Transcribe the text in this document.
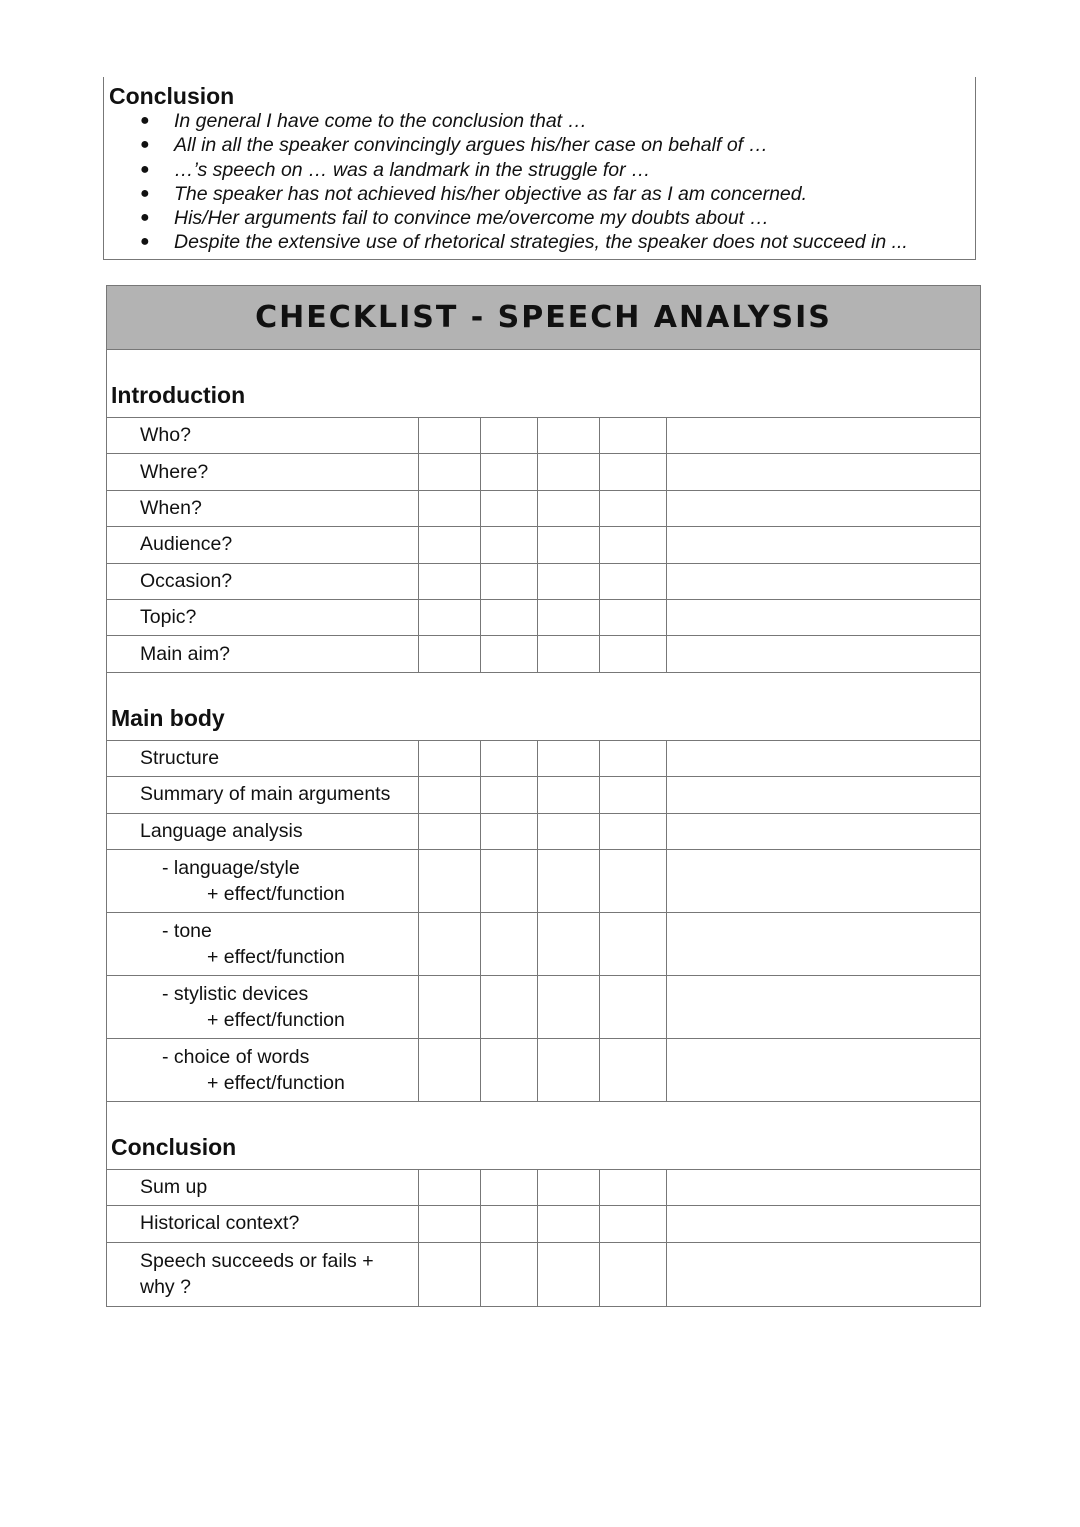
Conclusion
● In general I have come to the conclusion that …
● All in all the speaker convincingly argues his/her case on behalf of …
● …’s speech on … was a landmark in the struggle for …
● The speaker has not achieved his/her objective as far as I am concerned.
● His/Her arguments fail to convince me/overcome my doubts about …
● Despite the extensive use of rhetorical strategies, the speaker does not succeed in ...
CHECKLIST - SPEECH ANALYSIS
Introduction
Who?
Where?
When?
Audience?
Occasion?
Topic?
Main aim?
Main body
Structure
Summary of main arguments
Language analysis
- language/style
+ effect/function
- tone
+ effect/function
- stylistic devices
+ effect/function
- choice of words
+ effect/function
Conclusion
Sum up
Historical context?
Speech succeeds or fails +
why ?
